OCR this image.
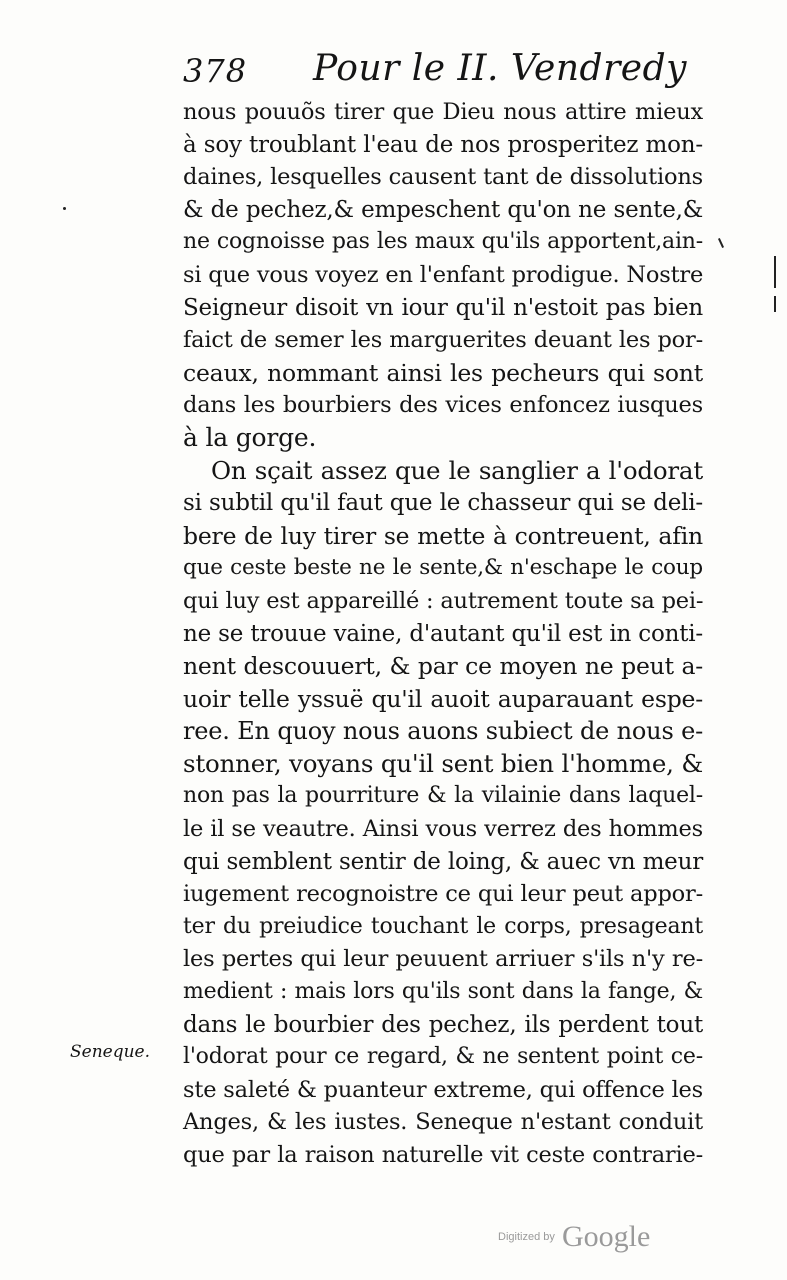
378 Pour le II. Vendredy
nous pouuõs tirer que Dieu nous attire mieux
à soy troublant l'eau de nos prosperitez mon-
daines, lesquelles causent tant de dissolutions
& de pechez,& empeschent qu'on ne sente,&
ne cognoisse pas les maux qu'ils apportent,ain-
si que vous voyez en l'enfant prodigue. Nostre
Seigneur disoit vn iour qu'il n'estoit pas bien
faict de semer les marguerites deuant les por-
ceaux, nommant ainsi les pecheurs qui sont
dans les bourbiers des vices enfoncez iusques
à la gorge.
On sçait assez que le sanglier a l'odorat
si subtil qu'il faut que le chasseur qui se deli-
bere de luy tirer se mette à contreuent, afin
que ceste beste ne le sente,& n'eschape le coup
qui luy est appareillé : autrement toute sa pei-
ne se trouue vaine, d'autant qu'il est in conti-
nent descouuert, & par ce moyen ne peut a-
uoir telle yssuë qu'il auoit auparauant espe-
ree. En quoy nous auons subiect de nous e-
stonner, voyans qu'il sent bien l'homme, &
non pas la pourriture & la vilainie dans laquel-
le il se veautre. Ainsi vous verrez des hommes
qui semblent sentir de loing, & auec vn meur
iugement recognoistre ce qui leur peut appor-
ter du preiudice touchant le corps, presageant
les pertes qui leur peuuent arriuer s'ils n'y re-
medient : mais lors qu'ils sont dans la fange, &
dans le bourbier des pechez, ils perdent tout
l'odorat pour ce regard, & ne sentent point ce-
ste saleté & puanteur extreme, qui offence les
Anges, & les iustes. Seneque n'estant conduit
que par la raison naturelle vit ceste contrarie-
Seneque.
Digitized by Google
